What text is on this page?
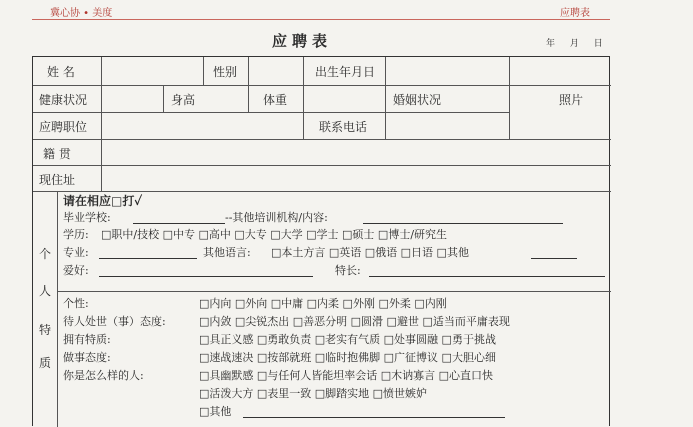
冀心协 • 美度	应聘表
应聘表	年 月 日
姓 名	性别	出生年月日
健康状况	身高	体重	婚姻状况	照片
应聘职位	联系电话
籍 贯
现住址
个
人
特
质
请在相应□打✓
毕业学校:	--其他培训机构/内容:
学历: □职中/技校 □中专 □高中 □大专 □大学 □学士 □硕士 □博士/研究生
专业:	其他语言: □本土方言 □英语 □俄语 □日语 □其他
爱好:	特长:
个性:	□内向 □外向 □中庸 □内柔 □外刚 □外柔 □内刚
待人处世（事）态度:	□内敛 □尖锐杰出 □善恶分明 □圆滑 □避世 □适当而平庸表现
拥有特质:	□具正义感 □勇敢负责 □老实有气质 □处事圆融 □勇于挑战
做事态度:	□速战速决 □按部就班 □临时抱佛脚 □广征博议 □大胆心细
你是怎么样的人:	□具幽默感 □与任何人皆能坦率会话 □木讷寡言 □心直口快
□活泼大方 □表里一致 □脚踏实地 □愤世嫉妒
□其他
